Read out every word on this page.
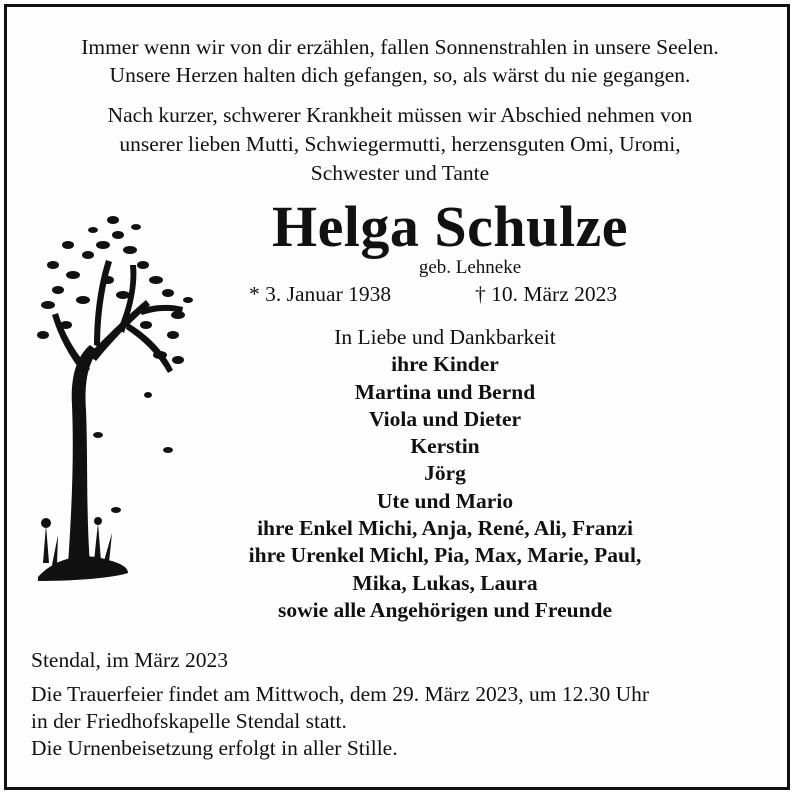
Immer wenn wir von dir erzählen, fallen Sonnenstrahlen in unsere Seelen.
Unsere Herzen halten dich gefangen, so, als wärst du nie gegangen.
Nach kurzer, schwerer Krankheit müssen wir Abschied nehmen von
unserer lieben Mutti, Schwiegermutti, herzensguten Omi, Uromi,
Schwester und Tante
Helga Schulze
geb. Lehneke
* 3. Januar 1938	† 10. März 2023
In Liebe und Dankbarkeit
ihre Kinder
Martina und Bernd
Viola und Dieter
Kerstin
Jörg
Ute und Mario
ihre Enkel Michi, Anja, René, Ali, Franzi
ihre Urenkel Michl, Pia, Max, Marie, Paul,
Mika, Lukas, Laura
sowie alle Angehörigen und Freunde
Stendal, im März 2023
Die Trauerfeier findet am Mittwoch, dem 29. März 2023, um 12.30 Uhr
in der Friedhofskapelle Stendal statt.
Die Urnenbeisetzung erfolgt in aller Stille.
